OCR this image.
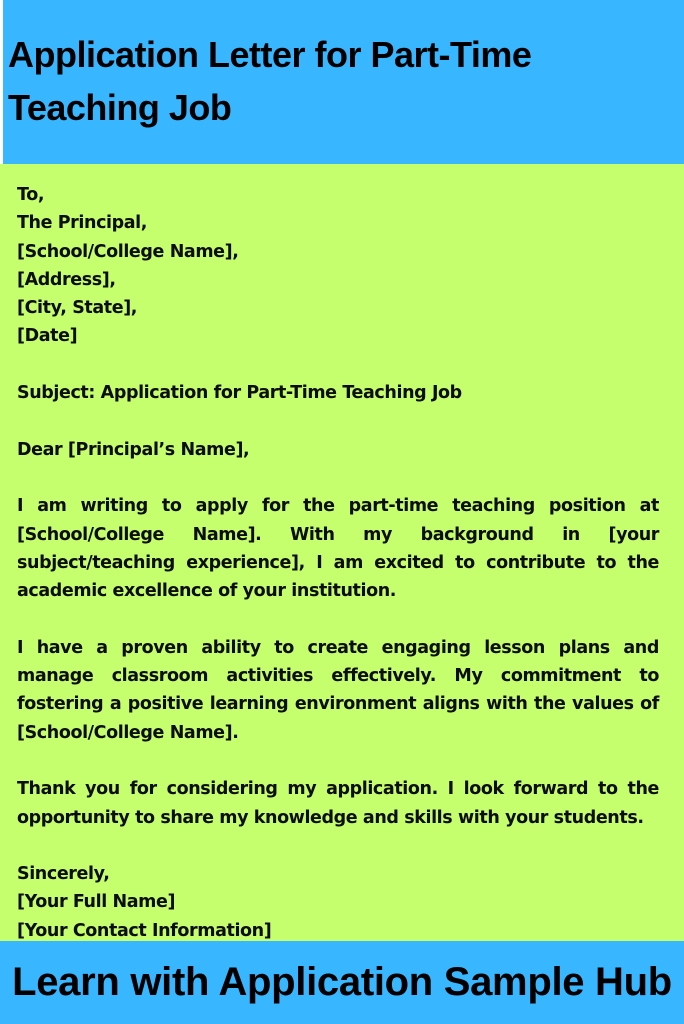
Application Letter for Part-Time
Teaching Job
To,
The Principal,
[School/College Name],
[Address],
[City, State],
[Date]
Subject: Application for Part-Time Teaching Job
Dear [Principal’s Name],

I am writing to apply for the part-time teaching position at [School/College Name]. With my background in [your subject/teaching experience], I am excited to contribute to the academic excellence of your institution.

I have a proven ability to create engaging lesson plans and manage classroom activities effectively. My commitment to fostering a positive learning environment aligns with the values of [School/College Name].

Thank you for considering my application. I look forward to the opportunity to share my knowledge and skills with your students.

Sincerely,
[Your Full Name]
[Your Contact Information]
Learn with Application Sample Hub
